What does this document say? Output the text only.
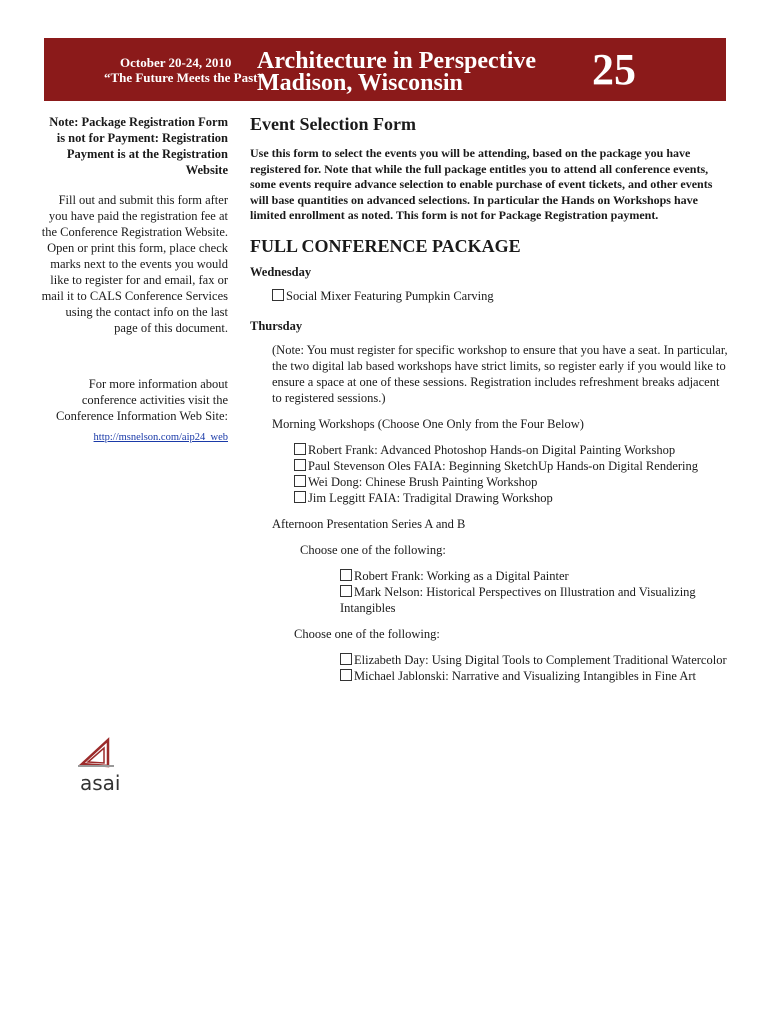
October 20-24, 2010
“The Future Meets the Past”
Architecture in Perspective
Madison, Wisconsin	25

Note: Package Registration Form is not for Payment: Registration Payment is at the Registration Website

Fill out and submit this form after you have paid the registration fee at the Conference Registration Website. Open or print this form, place check marks next to the events you would like to register for and email, fax or mail it to CALS Conference Services using the contact info on the last page of this document.

For more information about conference activities visit the Conference Information Web Site:

http://msnelson.com/aip24_web
asai
Event Selection Form

Use this form to select the events you will be attending, based on the package you have registered for. Note that while the full package entitles you to attend all conference events, some events require advance selection to enable purchase of event tickets, and other events will base quantities on advanced selections. In particular the Hands on Workshops have limited enrollment as noted. This form is not for Package Registration payment.

FULL CONFERENCE PACKAGE
Wednesday
Social Mixer Featuring Pumpkin Carving
Thursday
(Note: You must register for specific workshop to ensure that you have a seat. In particular, the two digital lab based workshops have strict limits, so register early if you would like to ensure a space at one of these sessions. Registration includes refreshment breaks adjacent to registered sessions.)
Morning Workshops (Choose One Only from the Four Below)
Robert Frank: Advanced Photoshop Hands-on Digital Painting Workshop
Paul Stevenson Oles FAIA: Beginning SketchUp Hands-on Digital Rendering
Wei Dong: Chinese Brush Painting Workshop
Jim Leggitt FAIA: Tradigital Drawing Workshop
Afternoon Presentation Series A and B
Choose one of the following:
Robert Frank: Working as a Digital Painter
Mark Nelson: Historical Perspectives on Illustration and Visualizing Intangibles
Choose one of the following:
Elizabeth Day: Using Digital Tools to Complement Traditional Watercolor
Michael Jablonski: Narrative and Visualizing Intangibles in Fine Art
